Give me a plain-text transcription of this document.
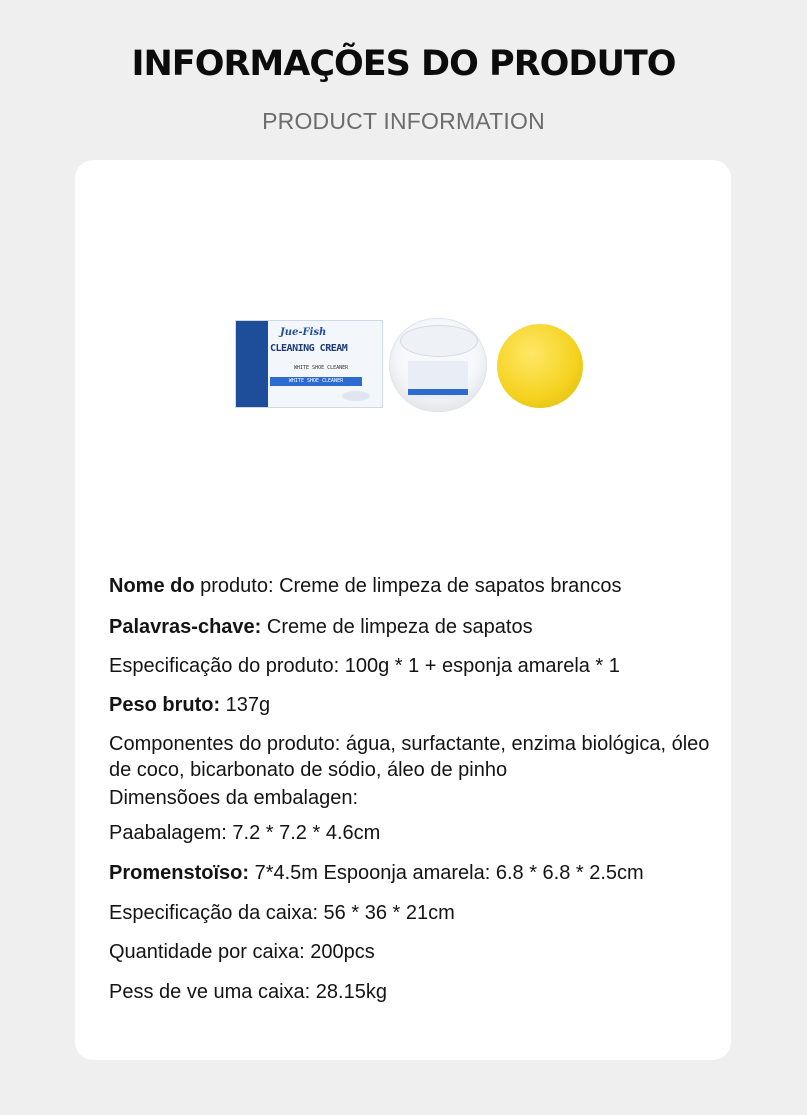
INFORMAÇÕES DO PRODUTO
PRODUCT INFORMATION
Jue-Fish
CLEANING CREAM
WHITE SHOE CLEANER
WHITE SHOE CLEANER
Nome do produto: Creme de limpeza de sapatos brancos
Palavras-chave: Creme de limpeza de sapatos
Especificação do produto: 100g * 1 + esponja amarela * 1
Peso bruto: 137g
Componentes do produto: água, surfactante, enzima biológica, óleo de coco, bicarbonato de sódio, áleo de pinho
Dimensõoes da embalagen:
Paabalagem: 7.2 * 7.2 * 4.6cm
Promenstoïso: 7*4.5m Espoonja amarela: 6.8 * 6.8 * 2.5cm
Especificação da caixa: 56 * 36 * 21cm
Quantidade por caixa: 200pcs
Pess de ve uma caixa: 28.15kg
